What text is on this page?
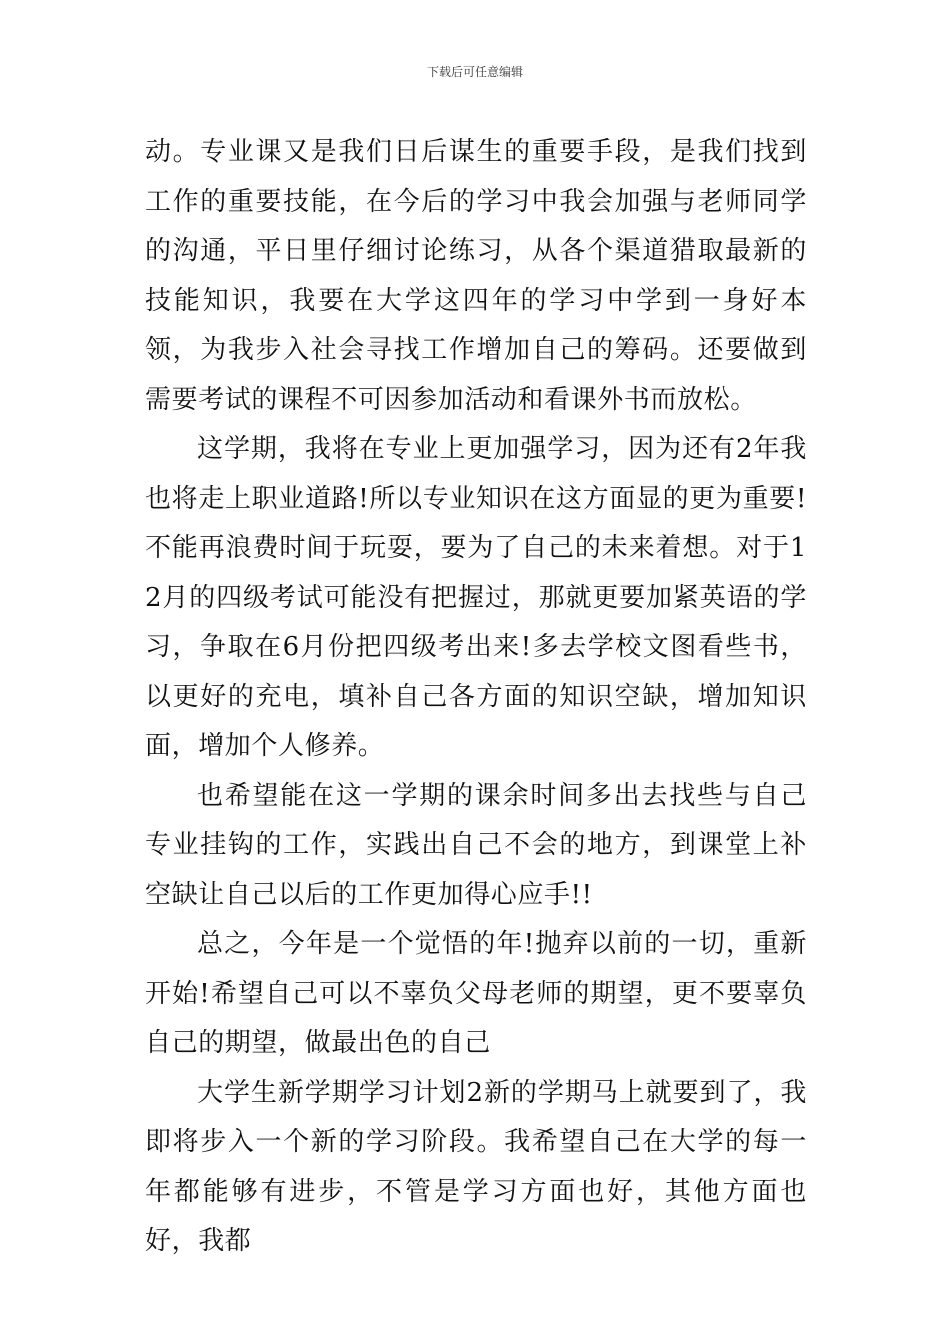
下载后可任意编辑

动。专业课又是我们日后谋生的重要手段，是我们找到工作的重要技能，在今后的学习中我会加强与老师同学的沟通，平日里仔细讨论练习，从各个渠道猎取最新的技能知识，我要在大学这四年的学习中学到一身好本领，为我步入社会寻找工作增加自己的筹码。还要做到需要考试的课程不可因参加活动和看课外书而放松。

这学期，我将在专业上更加强学习，因为还有2年我也将走上职业道路!所以专业知识在这方面显的更为重要!不能再浪费时间于玩耍，要为了自己的未来着想。对于12月的四级考试可能没有把握过，那就更要加紧英语的学习，争取在6月份把四级考出来!多去学校文图看些书，以更好的充电，填补自己各方面的知识空缺，增加知识面，增加个人修养。

也希望能在这一学期的课余时间多出去找些与自己专业挂钩的工作，实践出自己不会的地方，到课堂上补空缺让自己以后的工作更加得心应手!!

总之，今年是一个觉悟的年!抛弃以前的一切，重新开始!希望自己可以不辜负父母老师的期望，更不要辜负自己的期望，做最出色的自己

大学生新学期学习计划2新的学期马上就要到了，我即将步入一个新的学习阶段。我希望自己在大学的每一年都能够有进步，不管是学习方面也好，其他方面也好，我都
